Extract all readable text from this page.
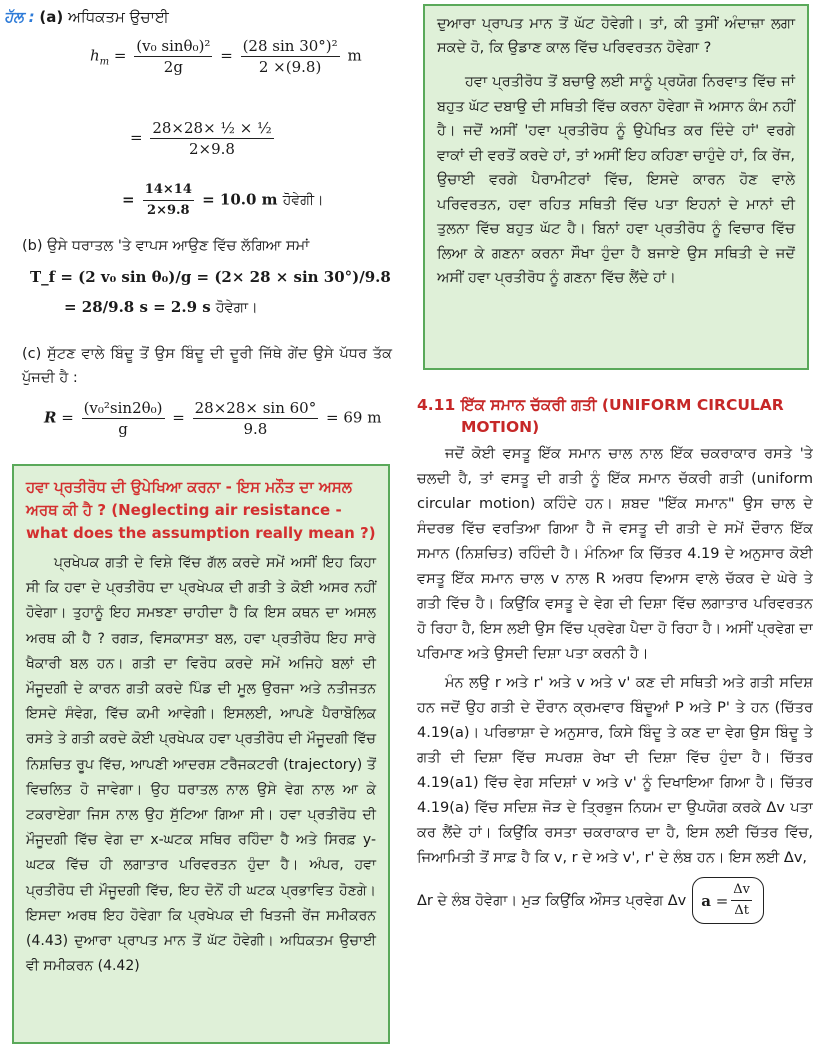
ਹੱਲ : (a) ਅਧਿਕਤਮ ਉਚਾਈ
$h_m = \frac{\text{(v₀ sinθ₀)²}}{2g} = \frac{\text{(28 sin 30°)²}}{2 \times(9.8)}$ m
= $\frac{\text{28×28× ½ × ½}}{2\times 9.8}$
= $\frac{14\times 14}{2\times 9.8} = 10.0$ m ਹੋਵੇਗੀ।
(b) ਉਸੇ ਧਰਾਤਲ 'ਤੇ ਵਾਪਸ ਆਉਣ ਵਿੱਚ ਲੱਗਿਆ ਸਮਾਂ
T_f = (2 v₀ sin θ₀)/g = (2× 28 × sin 30°)/9.8
= 28/9.8 s = 2.9 s ਹੋਵੇਗਾ।

(c) ਸੁੱਟਣ ਵਾਲੇ ਬਿੰਦੂ ਤੋਂ ਉਸ ਬਿੰਦੂ ਦੀ ਦੂਰੀ ਜਿੱਥੇ ਗੇਂਦ ਉਸੇ ਪੱਧਰ ਤੱਕ ਪੁੱਜਦੀ ਹੈ :

$R = \frac{\text{(v₀²sin2θ₀)}}{g} = \frac{28\times 28\times \sin 60^\circ}{9.8} = 69$ m

ਹਵਾ ਪ੍ਰਤੀਰੋਧ ਦੀ ਉਪੇਖਿਆ ਕਰਨਾ - ਇਸ ਮਨੌਤ ਦਾ ਅਸਲ ਅਰਥ ਕੀ ਹੈ ? (Neglecting air resistance - what does the assumption really mean ?)

ਪ੍ਰਖੇਪਕ ਗਤੀ ਦੇ ਵਿਸ਼ੇ ਵਿੱਚ ਗੱਲ ਕਰਦੇ ਸਮੇਂ ਅਸੀਂ ਇਹ ਕਿਹਾ ਸੀ ਕਿ ਹਵਾ ਦੇ ਪ੍ਰਤੀਰੋਧ ਦਾ ਪ੍ਰਖੇਪਕ ਦੀ ਗਤੀ ਤੇ ਕੋਈ ਅਸਰ ਨਹੀਂ ਹੋਵੇਗਾ। ਤੁਹਾਨੂੰ ਇਹ ਸਮਝਣਾ ਚਾਹੀਦਾ ਹੈ ਕਿ ਇਸ ਕਥਨ ਦਾ ਅਸਲ ਅਰਥ ਕੀ ਹੈ ? ਰਗੜ, ਵਿਸਕਾਸਤਾ ਬਲ, ਹਵਾ ਪ੍ਰਤੀਰੋਧ ਇਹ ਸਾਰੇ ਖੈਕਾਰੀ ਬਲ ਹਨ। ਗਤੀ ਦਾ ਵਿਰੋਧ ਕਰਦੇ ਸਮੇਂ ਅਜਿਹੇ ਬਲਾਂ ਦੀ ਮੌਜੂਦਗੀ ਦੇ ਕਾਰਨ ਗਤੀ ਕਰਦੇ ਪਿੰਡ ਦੀ ਮੂਲ ਉਰਜਾ ਅਤੇ ਨਤੀਜਤਨ ਇਸਦੇ ਸੰਵੇਗ, ਵਿੱਚ ਕਮੀ ਆਵੇਗੀ। ਇਸਲਈ, ਆਪਣੇ ਪੈਰਾਬੋਲਿਕ ਰਸਤੇ ਤੇ ਗਤੀ ਕਰਦੇ ਕੋਈ ਪ੍ਰਖੇਪਕ ਹਵਾ ਪ੍ਰਤੀਰੋਧ ਦੀ ਮੌਜੂਦਗੀ ਵਿੱਚ ਨਿਸ਼ਚਿਤ ਰੂਪ ਵਿੱਚ, ਆਪਣੀ ਆਦਰਸ਼ ਟਰੈਜਕਟਰੀ (trajectory) ਤੋਂ ਵਿਚਲਿਤ ਹੋ ਜਾਵੇਗਾ। ਉਹ ਧਰਾਤਲ ਨਾਲ ਉਸੇ ਵੇਗ ਨਾਲ ਆ ਕੇ ਟਕਰਾਏਗਾ ਜਿਸ ਨਾਲ ਉਹ ਸੁੱਟਿਆ ਗਿਆ ਸੀ। ਹਵਾ ਪ੍ਰਤੀਰੋਧ ਦੀ ਮੌਜੂਦਗੀ ਵਿੱਚ ਵੇਗ ਦਾ x-ਘਟਕ ਸਥਿਰ ਰਹਿੰਦਾ ਹੈ ਅਤੇ ਸਿਰਫ਼ y-ਘਟਕ ਵਿੱਚ ਹੀ ਲਗਾਤਾਰ ਪਰਿਵਰਤਨ ਹੁੰਦਾ ਹੈ। ਅੰਪਰ, ਹਵਾ ਪ੍ਰਤੀਰੋਧ ਦੀ ਮੌਜੂਦਗੀ ਵਿੱਚ, ਇਹ ਦੋਨੋਂ ਹੀ ਘਟਕ ਪ੍ਰਭਾਵਿਤ ਹੋਣਗੇ। ਇਸਦਾ ਅਰਥ ਇਹ ਹੋਵੇਗਾ ਕਿ ਪ੍ਰਖੇਪਕ ਦੀ ਖਿਤਜੀ ਰੇਂਜ ਸਮੀਕਰਨ (4.43) ਦੁਆਰਾ ਪ੍ਰਾਪਤ ਮਾਨ ਤੋਂ ਘੱਟ ਹੋਵੇਗੀ। ਅਧਿਕਤਮ ਉਚਾਈ ਵੀ ਸਮੀਕਰਨ (4.42)

ਦੁਆਰਾ ਪ੍ਰਾਪਤ ਮਾਨ ਤੋਂ ਘੱਟ ਹੋਵੇਗੀ। ਤਾਂ, ਕੀ ਤੁਸੀਂ ਅੰਦਾਜ਼ਾ ਲਗਾ ਸਕਦੇ ਹੋ, ਕਿ ਉਡਾਣ ਕਾਲ ਵਿੱਚ ਪਰਿਵਰਤਨ ਹੋਵੇਗਾ ?

ਹਵਾ ਪ੍ਰਤੀਰੋਧ ਤੋਂ ਬਚਾਉ ਲਈ ਸਾਨੂੰ ਪ੍ਰਯੋਗ ਨਿਰਵਾਤ ਵਿੱਚ ਜਾਂ ਬਹੁਤ ਘੱਟ ਦਬਾਉ ਦੀ ਸਥਿਤੀ ਵਿੱਚ ਕਰਨਾ ਹੋਵੇਗਾ ਜੋ ਅਸਾਨ ਕੰਮ ਨਹੀਂ ਹੈ। ਜਦੋਂ ਅਸੀਂ 'ਹਵਾ ਪ੍ਰਤੀਰੋਧ ਨੂੰ ਉਪੇਖਿਤ ਕਰ ਦਿੰਦੇ ਹਾਂ' ਵਰਗੇ ਵਾਕਾਂ ਦੀ ਵਰਤੋਂ ਕਰਦੇ ਹਾਂ, ਤਾਂ ਅਸੀਂ ਇਹ ਕਹਿਣਾ ਚਾਹੁੰਦੇ ਹਾਂ, ਕਿ ਰੇਂਜ, ਉਚਾਈ ਵਰਗੇ ਪੈਰਾਮੀਟਰਾਂ ਵਿੱਚ, ਇਸਦੇ ਕਾਰਨ ਹੋਣ ਵਾਲੇ ਪਰਿਵਰਤਨ, ਹਵਾ ਰਹਿਤ ਸਥਿਤੀ ਵਿੱਚ ਪਤਾ ਇਹਨਾਂ ਦੇ ਮਾਨਾਂ ਦੀ ਤੁਲਨਾ ਵਿੱਚ ਬਹੁਤ ਘੱਟ ਹੈ। ਬਿਨਾਂ ਹਵਾ ਪ੍ਰਤੀਰੋਧ ਨੂੰ ਵਿਚਾਰ ਵਿੱਚ ਲਿਆ ਕੇ ਗਣਨਾ ਕਰਨਾ ਸੌਖਾ ਹੁੰਦਾ ਹੈ ਬਜਾਏ ਉਸ ਸਥਿਤੀ ਦੇ ਜਦੋਂ ਅਸੀਂ ਹਵਾ ਪ੍ਰਤੀਰੋਧ ਨੂੰ ਗਣਨਾ ਵਿੱਚ ਲੈਂਦੇ ਹਾਂ।

4.11 ਇੱਕ ਸਮਾਨ ਚੱਕਰੀ ਗਤੀ (UNIFORM CIRCULAR MOTION)

ਜਦੋਂ ਕੋਈ ਵਸਤੂ ਇੱਕ ਸਮਾਨ ਚਾਲ ਨਾਲ ਇੱਕ ਚਕਰਾਕਾਰ ਰਸਤੇ 'ਤੇ ਚਲਦੀ ਹੈ, ਤਾਂ ਵਸਤੂ ਦੀ ਗਤੀ ਨੂੰ ਇੱਕ ਸਮਾਨ ਚੱਕਰੀ ਗਤੀ (uniform circular motion) ਕਹਿੰਦੇ ਹਨ। ਸ਼ਬਦ "ਇੱਕ ਸਮਾਨ" ਉਸ ਚਾਲ ਦੇ ਸੰਦਰਭ ਵਿੱਚ ਵਰਤਿਆ ਗਿਆ ਹੈ ਜੋ ਵਸਤੂ ਦੀ ਗਤੀ ਦੇ ਸਮੇਂ ਦੌਰਾਨ ਇੱਕ ਸਮਾਨ (ਨਿਸ਼ਚਿਤ) ਰਹਿੰਦੀ ਹੈ। ਮੰਨਿਆ ਕਿ ਚਿੱਤਰ 4.19 ਦੇ ਅਨੁਸਾਰ ਕੋਈ ਵਸਤੂ ਇੱਕ ਸਮਾਨ ਚਾਲ v ਨਾਲ R ਅਰਧ ਵਿਆਸ ਵਾਲੇ ਚੱਕਰ ਦੇ ਘੇਰੇ ਤੇ ਗਤੀ ਵਿੱਚ ਹੈ। ਕਿਉਂਕਿ ਵਸਤੂ ਦੇ ਵੇਗ ਦੀ ਦਿਸ਼ਾ ਵਿੱਚ ਲਗਾਤਾਰ ਪਰਿਵਰਤਨ ਹੋ ਰਿਹਾ ਹੈ, ਇਸ ਲਈ ਉਸ ਵਿੱਚ ਪ੍ਰਵੇਗ ਪੈਦਾ ਹੋ ਰਿਹਾ ਹੈ। ਅਸੀਂ ਪ੍ਰਵੇਗ ਦਾ ਪਰਿਮਾਣ ਅਤੇ ਉਸਦੀ ਦਿਸ਼ਾ ਪਤਾ ਕਰਨੀ ਹੈ।

ਮੰਨ ਲਉ r ਅਤੇ r' ਅਤੇ v ਅਤੇ v' ਕਣ ਦੀ ਸਥਿਤੀ ਅਤੇ ਗਤੀ ਸਦਿਸ਼ ਹਨ ਜਦੋਂ ਉਹ ਗਤੀ ਦੇ ਦੌਰਾਨ ਕ੍ਰਮਵਾਰ ਬਿੰਦੂਆਂ P ਅਤੇ P' ਤੇ ਹਨ (ਚਿੱਤਰ 4.19(a)। ਪਰਿਭਾਸ਼ਾ ਦੇ ਅਨੁਸਾਰ, ਕਿਸੇ ਬਿੰਦੂ ਤੇ ਕਣ ਦਾ ਵੇਗ ਉਸ ਬਿੰਦੂ ਤੇ ਗਤੀ ਦੀ ਦਿਸ਼ਾ ਵਿੱਚ ਸਪਰਸ਼ ਰੇਖਾ ਦੀ ਦਿਸ਼ਾ ਵਿੱਚ ਹੁੰਦਾ ਹੈ। ਚਿੱਤਰ 4.19(a1) ਵਿੱਚ ਵੇਗ ਸਦਿਸ਼ਾਂ v ਅਤੇ v' ਨੂੰ ਦਿਖਾਇਆ ਗਿਆ ਹੈ। ਚਿੱਤਰ 4.19(a) ਵਿੱਚ ਸਦਿਸ਼ ਜੋੜ ਦੇ ਤ੍ਰਿਭੁਜ ਨਿਯਮ ਦਾ ਉਪਯੋਗ ਕਰਕੇ Δv ਪਤਾ ਕਰ ਲੈਂਦੇ ਹਾਂ। ਕਿਉਂਕਿ ਰਸਤਾ ਚਕਰਾਕਾਰ ਦਾ ਹੈ, ਇਸ ਲਈ ਚਿੱਤਰ ਵਿੱਚ, ਜਿਆਮਿਤੀ ਤੋਂ ਸਾਫ਼ ਹੈ ਕਿ v, r ਦੇ ਅਤੇ v', r' ਦੇ ਲੰਬ ਹਨ। ਇਸ ਲਈ Δv,

Δr ਦੇ ਲੰਬ ਹੋਵੇਗਾ। ਮੁੜ ਕਿਉਂਕਿ ਔਸਤ ਪ੍ਰਵੇਗ Δv $a = \frac{\Delta v}{\Delta t}$
